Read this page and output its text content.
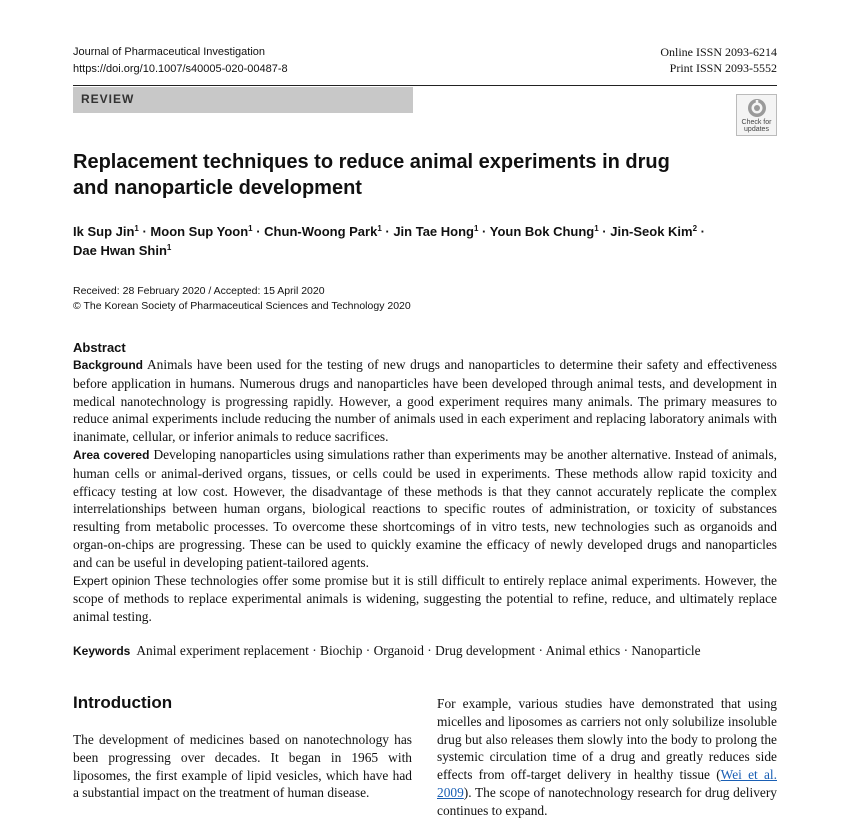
Journal of Pharmaceutical Investigation
https://doi.org/10.1007/s40005-020-00487-8
Online ISSN 2093-6214
Print ISSN 2093-5552
REVIEW
Check for
updates
Replacement techniques to reduce animal experiments in drug and nanoparticle development
Ik Sup Jin$^1$ · Moon Sup Yoon$^1$ · Chun-Woong Park$^1$ · Jin Tae Hong$^1$ · Youn Bok Chung$^1$ · Jin-Seok Kim$^2$ ·
Dae Hwan Shin$^1$
Received: 28 February 2020 / Accepted: 15 April 2020
© The Korean Society of Pharmaceutical Sciences and Technology 2020
Abstract

Background Animals have been used for the testing of new drugs and nanoparticles to determine their safety and effectiveness before application in humans. Numerous drugs and nanoparticles have been developed through animal tests, and development in medical nanotechnology is progressing rapidly. However, a good experiment requires many animals. The primary measures to reduce animal experiments include reducing the number of animals used in each experiment and replacing laboratory animals with inanimate, cellular, or inferior animals to reduce sacrifices.

Area covered Developing nanoparticles using simulations rather than experiments may be another alternative. Instead of animals, human cells or animal-derived organs, tissues, or cells could be used in experiments. These methods allow rapid toxicity and efficacy testing at low cost. However, the disadvantage of these methods is that they cannot accurately replicate the complex interrelationships between human organs, biological reactions to specific routes of administration, or toxicity of substances resulting from metabolic processes. To overcome these shortcomings of in vitro tests, new technologies such as organoids and organ-on-chips are progressing. These can be used to quickly examine the efficacy of newly developed drugs and nanoparticles and can be useful in developing patient-tailored agents.

Expert opinion These technologies offer some promise but it is still difficult to entirely replace animal experiments. However, the scope of methods to replace experimental animals is widening, suggesting the potential to refine, reduce, and ultimately replace animal testing.

Keywords Animal experiment replacement · Biochip · Organoid · Drug development · Animal ethics · Nanoparticle
Introduction
The development of medicines based on nanotechnology has been progressing over decades. It began in 1965 with liposomes, the first example of lipid vesicles, which have had a substantial impact on the treatment of human disease.
For example, various studies have demonstrated that using micelles and liposomes as carriers not only solubilize insoluble drug but also releases them slowly into the body to prolong the systemic circulation time of a drug and greatly reduces side effects from off-target delivery in healthy tissue (Wei et al. 2009). The scope of nanotechnology research for drug delivery continues to expand.
